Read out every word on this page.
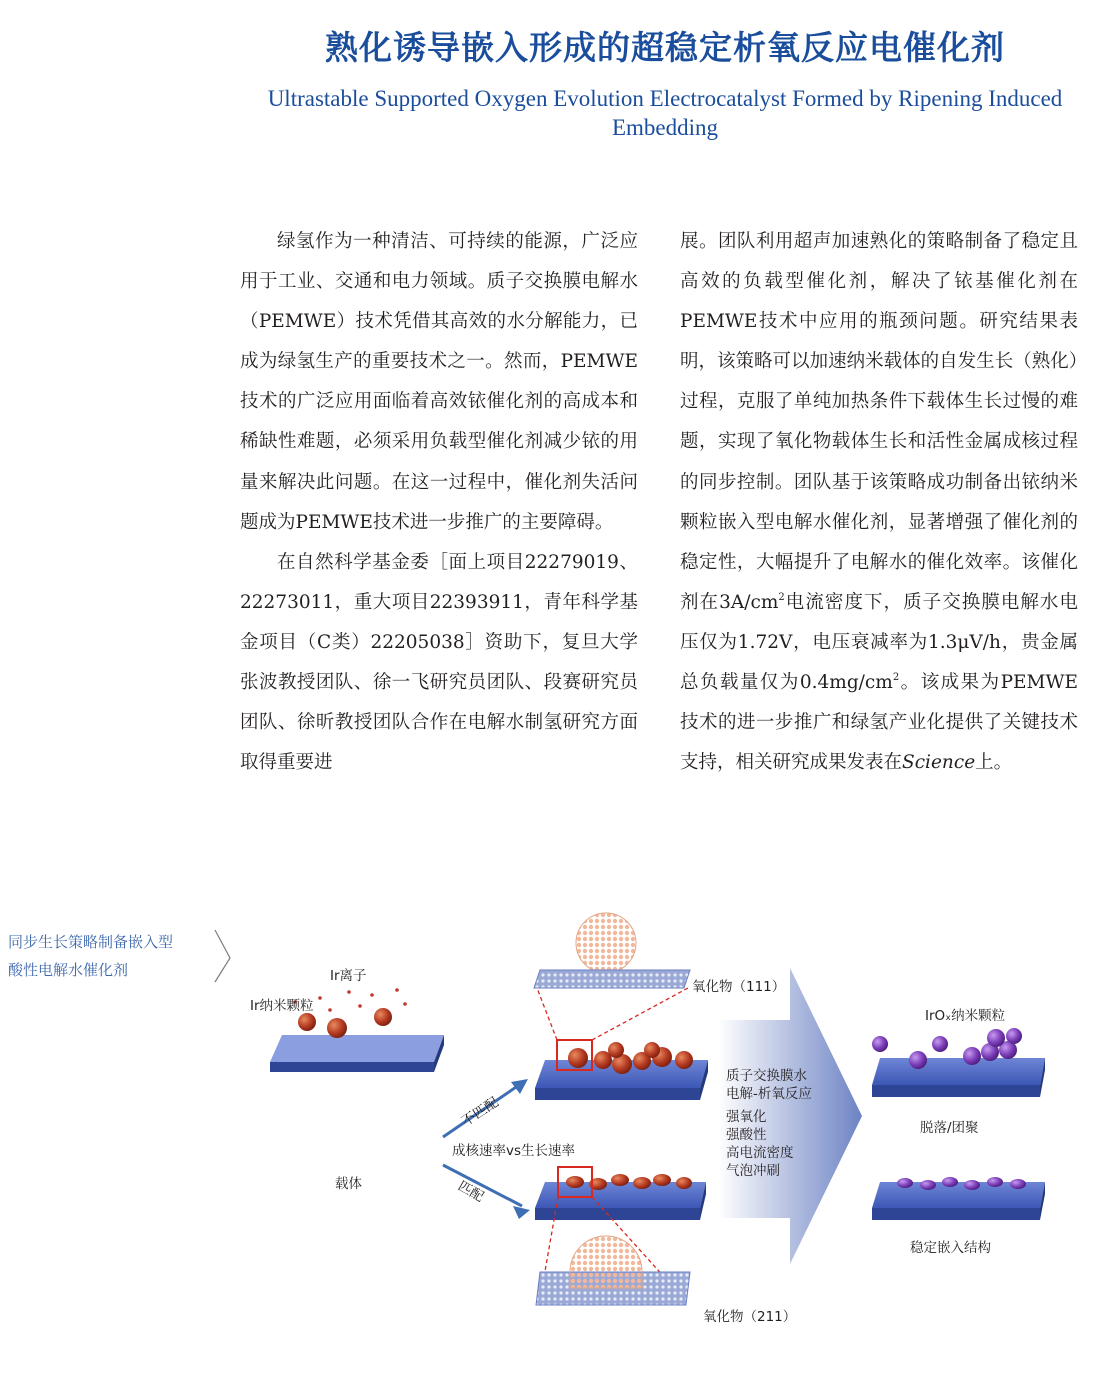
熟化诱导嵌入形成的超稳定析氧反应电催化剂

Ultrastable Supported Oxygen Evolution Electrocatalyst Formed by Ripening Induced Embedding

绿氢作为一种清洁、可持续的能源，广泛应用于工业、交通和电力领域。质子交换膜电解水（PEMWE）技术凭借其高效的水分解能力，已成为绿氢生产的重要技术之一。然而，PEMWE技术的广泛应用面临着高效铱催化剂的高成本和稀缺性难题，必须采用负载型催化剂减少铱的用量来解决此问题。在这一过程中，催化剂失活问题成为PEMWE技术进一步推广的主要障碍。

在自然科学基金委［面上项目22279019、22273011，重大项目22393911，青年科学基金项目（C类）22205038］资助下，复旦大学张波教授团队、徐一飞研究员团队、段赛研究员团队、徐昕教授团队合作在电解水制氢研究方面取得重要进

展。团队利用超声加速熟化的策略制备了稳定且高效的负载型催化剂，解决了铱基催化剂在PEMWE技术中应用的瓶颈问题。研究结果表明，该策略可以加速纳米载体的自发生长（熟化）过程，克服了单纯加热条件下载体生长过慢的难题，实现了氧化物载体生长和活性金属成核过程的同步控制。团队基于该策略成功制备出铱纳米颗粒嵌入型电解水催化剂，显著增强了催化剂的稳定性，大幅提升了电解水的催化效率。该催化剂在$3A/cm^2$电流密度下，质子交换膜电解水电压仅为1.72V，电压衰减率为1.3μV/h，贵金属总负载量仅为$0.4mg/cm^2$。该成果为PEMWE技术的进一步推广和绿氢产业化提供了关键技术支持，相关研究成果发表在Science上。

同步生长策略制备嵌入型
酸性电解水催化剂
Ir纳米颗粒
Ir离子
载体
不匹配
成核速率vs生长速率
匹配
氧化物（111）
氧化物（211）
质子交换膜水
电解-析氧反应
强氧化
强酸性
高电流密度
气泡冲刷
IrOₓ纳米颗粒
脱落/团聚
稳定嵌入结构
